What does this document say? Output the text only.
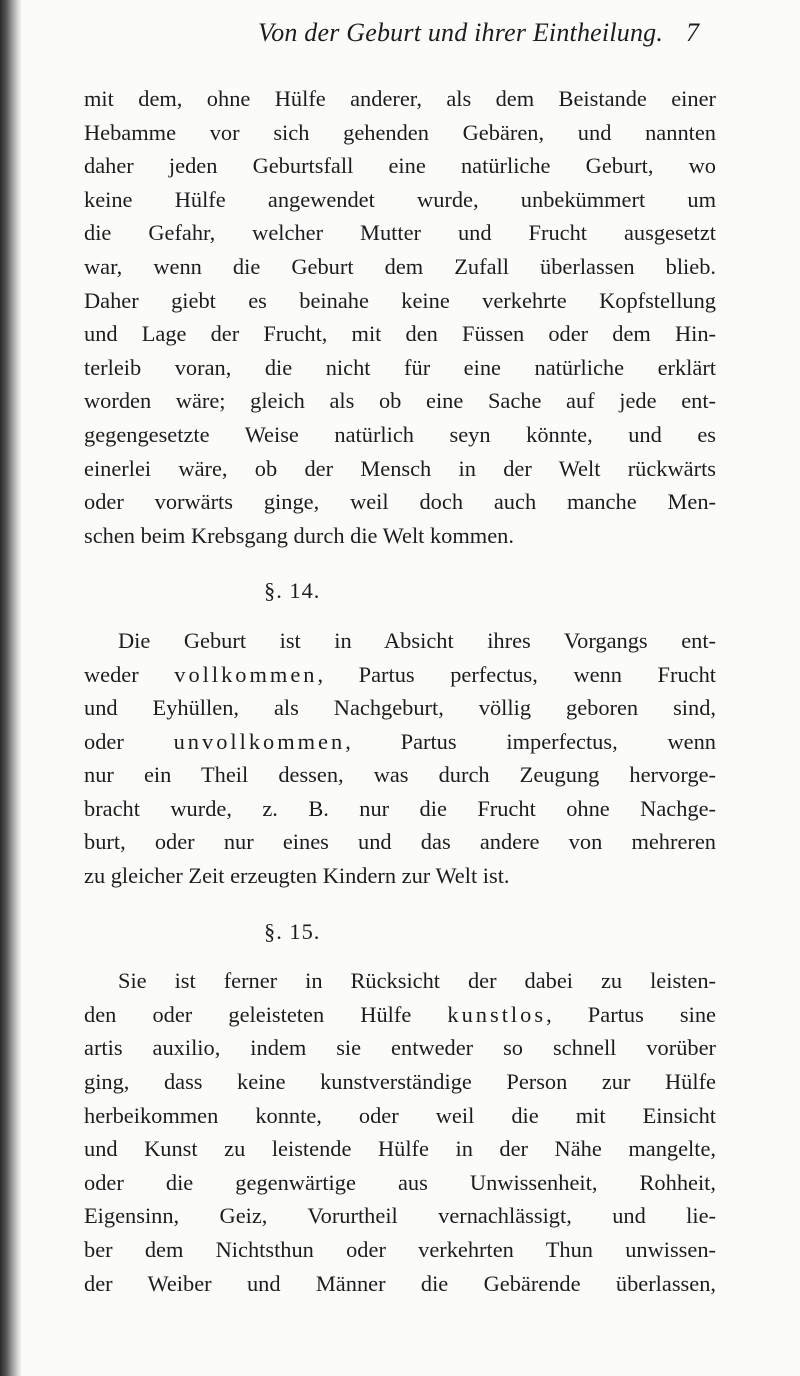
Von der Geburt und ihrer Eintheilung. 7
mit dem, ohne Hülfe anderer, als dem Beistande einer
Hebamme vor sich gehenden Gebären, und nannten
daher jeden Geburtsfall eine natürliche Geburt, wo
keine Hülfe angewendet wurde, unbekümmert um
die Gefahr, welcher Mutter und Frucht ausgesetzt
war, wenn die Geburt dem Zufall überlassen blieb.
Daher giebt es beinahe keine verkehrte Kopfstellung
und Lage der Frucht, mit den Füssen oder dem Hin-
terleib voran, die nicht für eine natürliche erklärt
worden wäre; gleich als ob eine Sache auf jede ent-
gegengesetzte Weise natürlich seyn könnte, und es
einerlei wäre, ob der Mensch in der Welt rückwärts
oder vorwärts ginge, weil doch auch manche Men-
schen beim Krebsgang durch die Welt kommen.
§. 14.
Die Geburt ist in Absicht ihres Vorgangs ent-
weder vollkommen, Partus perfectus, wenn Frucht
und Eyhüllen, als Nachgeburt, völlig geboren sind,
oder unvollkommen, Partus imperfectus, wenn
nur ein Theil dessen, was durch Zeugung hervorge-
bracht wurde, z. B. nur die Frucht ohne Nachge-
burt, oder nur eines und das andere von mehreren
zu gleicher Zeit erzeugten Kindern zur Welt ist.
§. 15.
Sie ist ferner in Rücksicht der dabei zu leisten-
den oder geleisteten Hülfe kunstlos, Partus sine
artis auxilio, indem sie entweder so schnell vorüber
ging, dass keine kunstverständige Person zur Hülfe
herbeikommen konnte, oder weil die mit Einsicht
und Kunst zu leistende Hülfe in der Nähe mangelte,
oder die gegenwärtige aus Unwissenheit, Rohheit,
Eigensinn, Geiz, Vorurtheil vernachlässigt, und lie-
ber dem Nichtsthun oder verkehrten Thun unwissen-
der Weiber und Männer die Gebärende überlassen,
